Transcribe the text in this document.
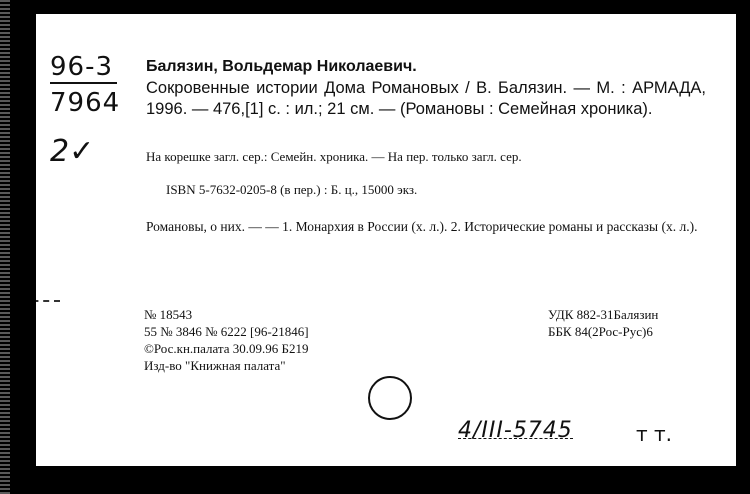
96-3
7964
2✓
Балязин, Вольдемар Николаевич.
Сокровенные истории Дома Романовых / В. Балязин. — М. : АРМАДА, 1996. — 476,[1] с. : ил.; 21 см. — (Романовы : Семейная хроника).
На корешке загл. сер.: Семейн. хроника. — На пер. только загл. сер.
ISBN 5-7632-0205-8 (в пер.) : Б. ц., 15000 экз.
Романовы, о них. — — 1. Монархия в России (х. л.). 2. Исторические романы и рассказы (х. л.).
№ 18543
55 № 3846 № 6222 [96-21846]
©Рос.кн.палата 30.09.96 Б219
Изд-во "Книжная палата"
УДК 882-31Балязин
ББК 84(2Рос-Рус)6
4/III-5745	т т.
